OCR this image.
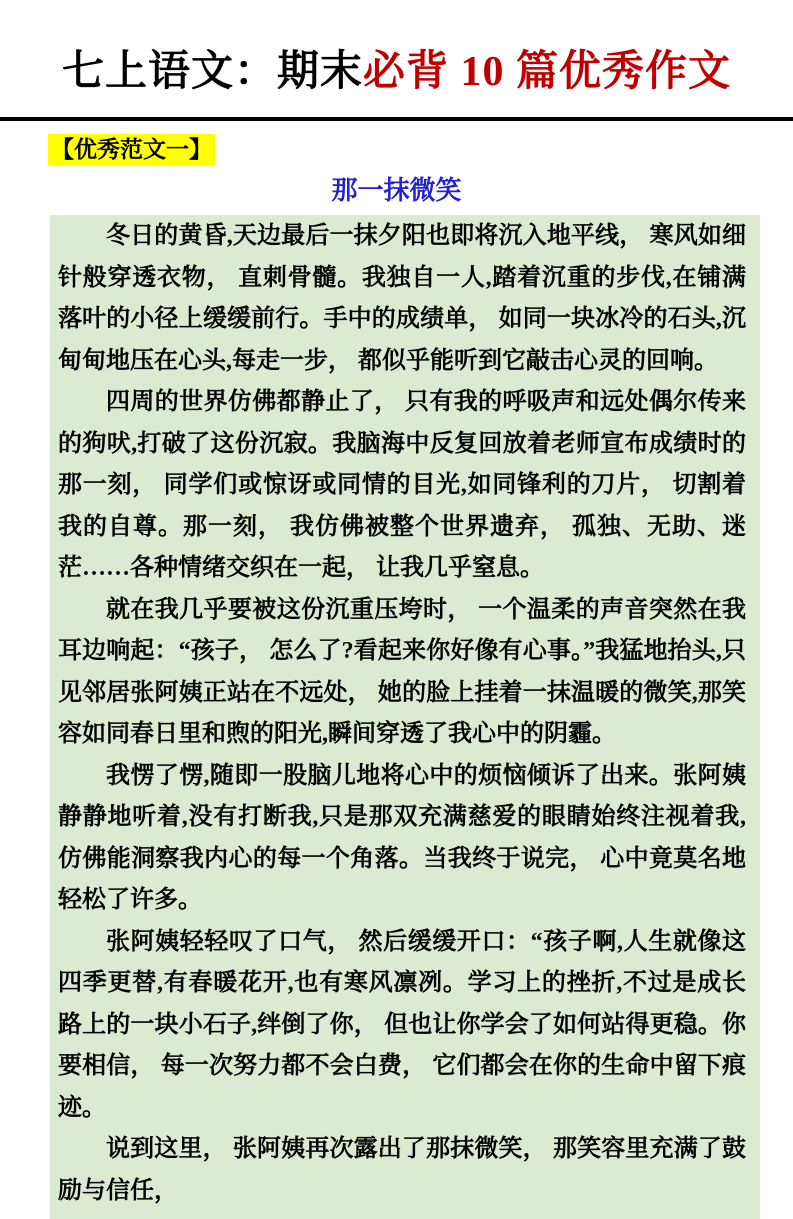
七上语文：期末必背 10 篇优秀作文
【优秀范文一】
那一抹微笑

冬日的黄昏,天边最后一抹夕阳也即将沉入地平线， 寒风如细针般穿透衣物， 直刺骨髓。我独自一人,踏着沉重的步伐,在铺满落叶的小径上缓缓前行。手中的成绩单， 如同一块冰冷的石头,沉甸甸地压在心头,每走一步， 都似乎能听到它敲击心灵的回响。

四周的世界仿佛都静止了， 只有我的呼吸声和远处偶尔传来的狗吠,打破了这份沉寂。我脑海中反复回放着老师宣布成绩时的那一刻， 同学们或惊讶或同情的目光,如同锋利的刀片， 切割着我的自尊。那一刻， 我仿佛被整个世界遗弃， 孤独、无助、迷茫……各种情绪交织在一起， 让我几乎窒息。

就在我几乎要被这份沉重压垮时， 一个温柔的声音突然在我耳边响起：“孩子， 怎么了?看起来你好像有心事。”我猛地抬头,只见邻居张阿姨正站在不远处， 她的脸上挂着一抹温暖的微笑,那笑容如同春日里和煦的阳光,瞬间穿透了我心中的阴霾。

我愣了愣,随即一股脑儿地将心中的烦恼倾诉了出来。张阿姨静静地听着,没有打断我,只是那双充满慈爱的眼睛始终注视着我,仿佛能洞察我内心的每一个角落。当我终于说完， 心中竟莫名地轻松了许多。

张阿姨轻轻叹了口气， 然后缓缓开口：“孩子啊,人生就像这四季更替,有春暖花开,也有寒风凛冽。学习上的挫折,不过是成长路上的一块小石子,绊倒了你， 但也让你学会了如何站得更稳。你要相信， 每一次努力都不会白费， 它们都会在你的生命中留下痕迹。

说到这里， 张阿姨再次露出了那抹微笑， 那笑容里充满了鼓励与信任，
